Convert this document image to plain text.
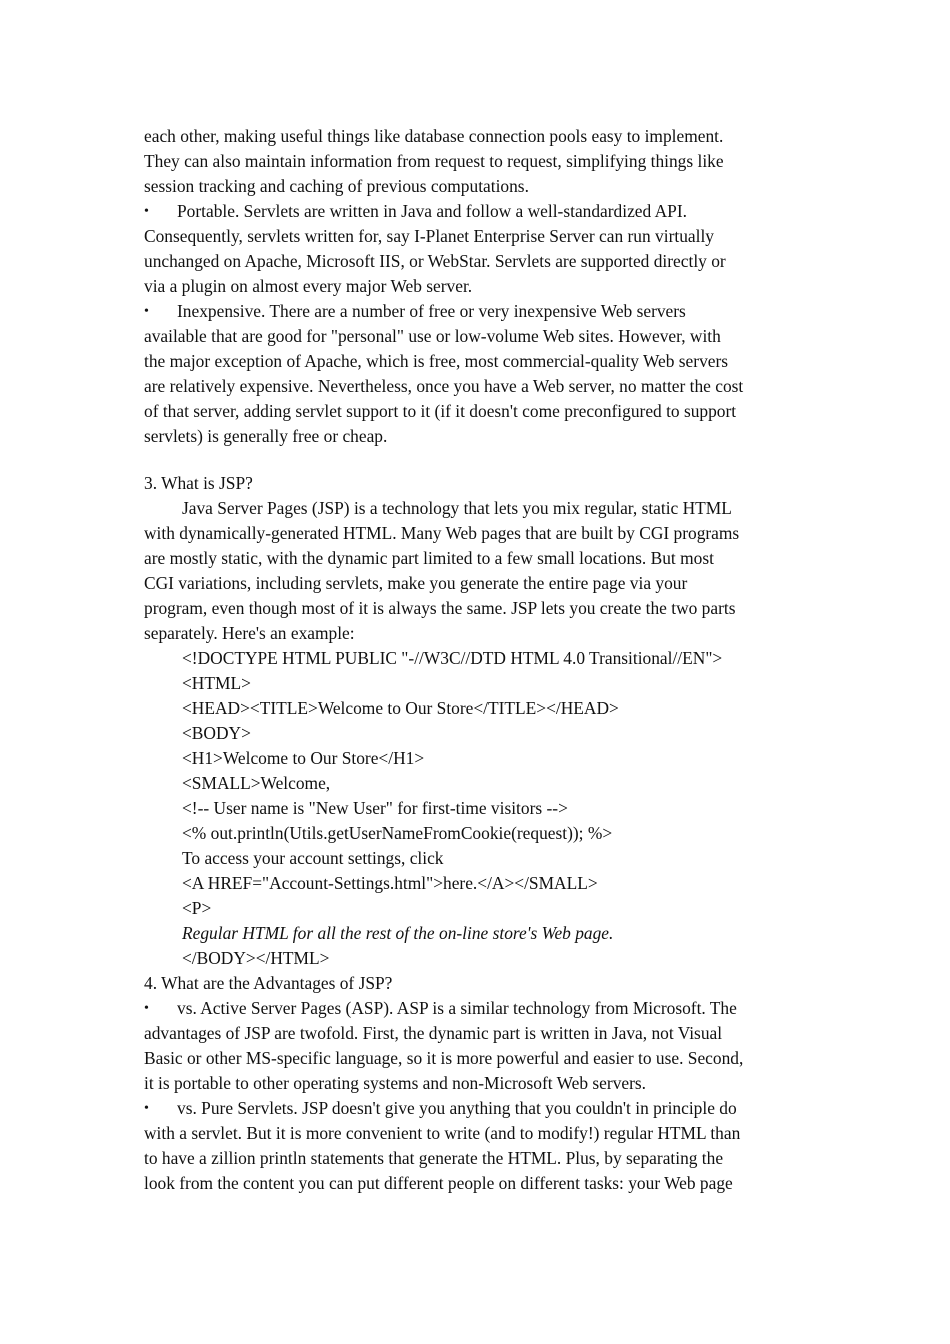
each other, making useful things like database connection pools easy to implement.
They can also maintain information from request to request, simplifying things like
session tracking and caching of previous computations.
• Portable. Servlets are written in Java and follow a well-standardized API.
Consequently, servlets written for, say I-Planet Enterprise Server can run virtually
unchanged on Apache, Microsoft IIS, or WebStar. Servlets are supported directly or
via a plugin on almost every major Web server.
• Inexpensive. There are a number of free or very inexpensive Web servers
available that are good for "personal" use or low-volume Web sites. However, with
the major exception of Apache, which is free, most commercial-quality Web servers
are relatively expensive. Nevertheless, once you have a Web server, no matter the cost
of that server, adding servlet support to it (if it doesn't come preconfigured to support
servlets) is generally free or cheap.
3. What is JSP?
Java Server Pages (JSP) is a technology that lets you mix regular, static HTML
with dynamically-generated HTML. Many Web pages that are built by CGI programs
are mostly static, with the dynamic part limited to a few small locations. But most
CGI variations, including servlets, make you generate the entire page via your
program, even though most of it is always the same. JSP lets you create the two parts
separately. Here's an example:
<!DOCTYPE HTML PUBLIC "-//W3C//DTD HTML 4.0 Transitional//EN">
<HTML>
<HEAD><TITLE>Welcome to Our Store</TITLE></HEAD>
<BODY>
<H1>Welcome to Our Store</H1>
<SMALL>Welcome,
<!-- User name is "New User" for first-time visitors -->
<% out.println(Utils.getUserNameFromCookie(request)); %>
To access your account settings, click
<A HREF="Account-Settings.html">here.</A></SMALL>
<P>
Regular HTML for all the rest of the on-line store's Web page.
</BODY></HTML>
4. What are the Advantages of JSP?
• vs. Active Server Pages (ASP). ASP is a similar technology from Microsoft. The
advantages of JSP are twofold. First, the dynamic part is written in Java, not Visual
Basic or other MS-specific language, so it is more powerful and easier to use. Second,
it is portable to other operating systems and non-Microsoft Web servers.
• vs. Pure Servlets. JSP doesn't give you anything that you couldn't in principle do
with a servlet. But it is more convenient to write (and to modify!) regular HTML than
to have a zillion println statements that generate the HTML. Plus, by separating the
look from the content you can put different people on different tasks: your Web page
